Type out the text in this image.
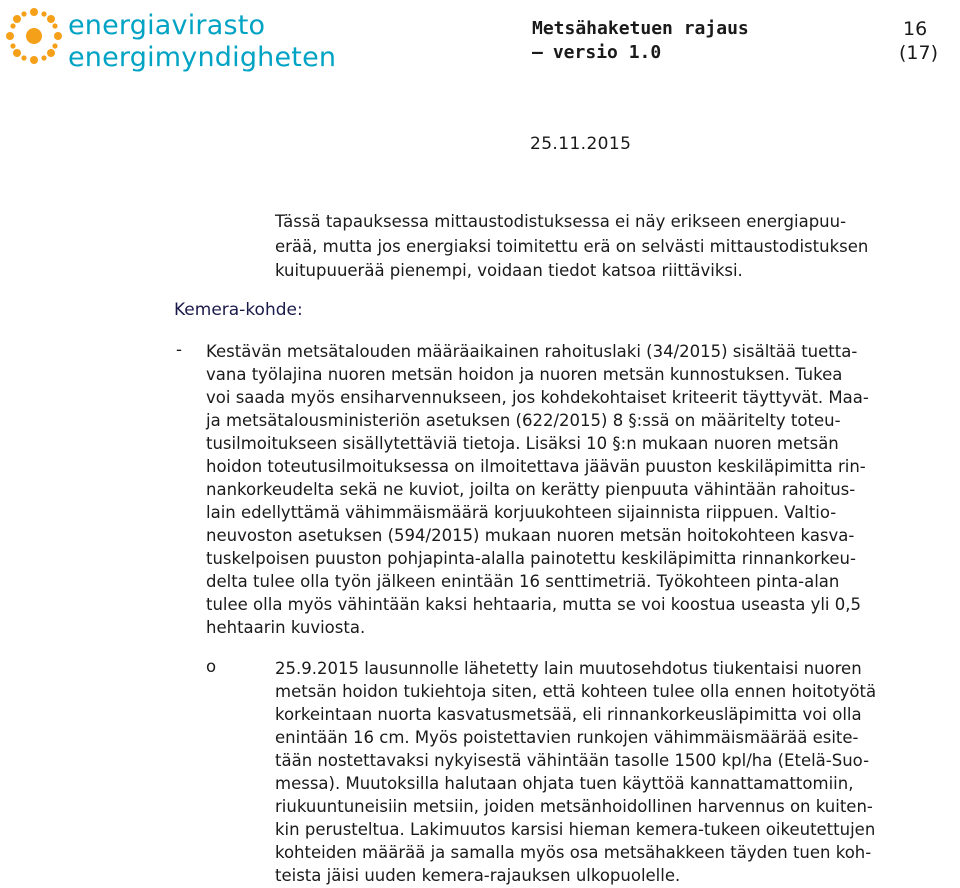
energiavirasto
energimyndigheten
Metsähaketuen rajaus
– versio 1.0
16
(17)
25.11.2015
Tässä tapauksessa mittaustodistuksessa ei näy erikseen energiapuu-
erää, mutta jos energiaksi toimitettu erä on selvästi mittaustodistuksen
kuitupuuerää pienempi, voidaan tiedot katsoa riittäviksi.
Kemera-kohde:
- Kestävän metsätalouden määräaikainen rahoituslaki (34/2015) sisältää tuetta-
vana työlajina nuoren metsän hoidon ja nuoren metsän kunnostuksen. Tukea
voi saada myös ensiharvennukseen, jos kohdekohtaiset kriteerit täyttyvät. Maa-
ja metsätalousministeriön asetuksen (622/2015) 8 §:ssä on määritelty toteu-
tusilmoitukseen sisällytettäviä tietoja. Lisäksi 10 §:n mukaan nuoren metsän
hoidon toteutusilmoituksessa on ilmoitettava jäävän puuston keskiläpimitta rin-
nankorkeudelta sekä ne kuviot, joilta on kerätty pienpuuta vähintään rahoitus-
lain edellyttämä vähimmäismäärä korjuukohteen sijainnista riippuen. Valtio-
neuvoston asetuksen (594/2015) mukaan nuoren metsän hoitokohteen kasva-
tuskelpoisen puuston pohjapinta-alalla painotettu keskiläpimitta rinnankorkeu-
delta tulee olla työn jälkeen enintään 16 senttimetriä. Työkohteen pinta-alan
tulee olla myös vähintään kaksi hehtaaria, mutta se voi koostua useasta yli 0,5
hehtaarin kuviosta.
o	25.9.2015 lausunnolle lähetetty lain muutosehdotus tiukentaisi nuoren
metsän hoidon tukiehtoja siten, että kohteen tulee olla ennen hoitotyötä
korkeintaan nuorta kasvatusmetsää, eli rinnankorkeusläpimitta voi olla
enintään 16 cm. Myös poistettavien runkojen vähimmäismäärää esite-
tään nostettavaksi nykyisestä vähintään tasolle 1500 kpl/ha (Etelä-Suo-
messa). Muutoksilla halutaan ohjata tuen käyttöä kannattamattomiin,
riukuuntuneisiin metsiin, joiden metsänhoidollinen harvennus on kuiten-
kin perusteltua. Lakimuutos karsisi hieman kemera-tukeen oikeutettujen
kohteiden määrää ja samalla myös osa metsähakkeen täyden tuen koh-
teista jäisi uuden kemera-rajauksen ulkopuolelle.
